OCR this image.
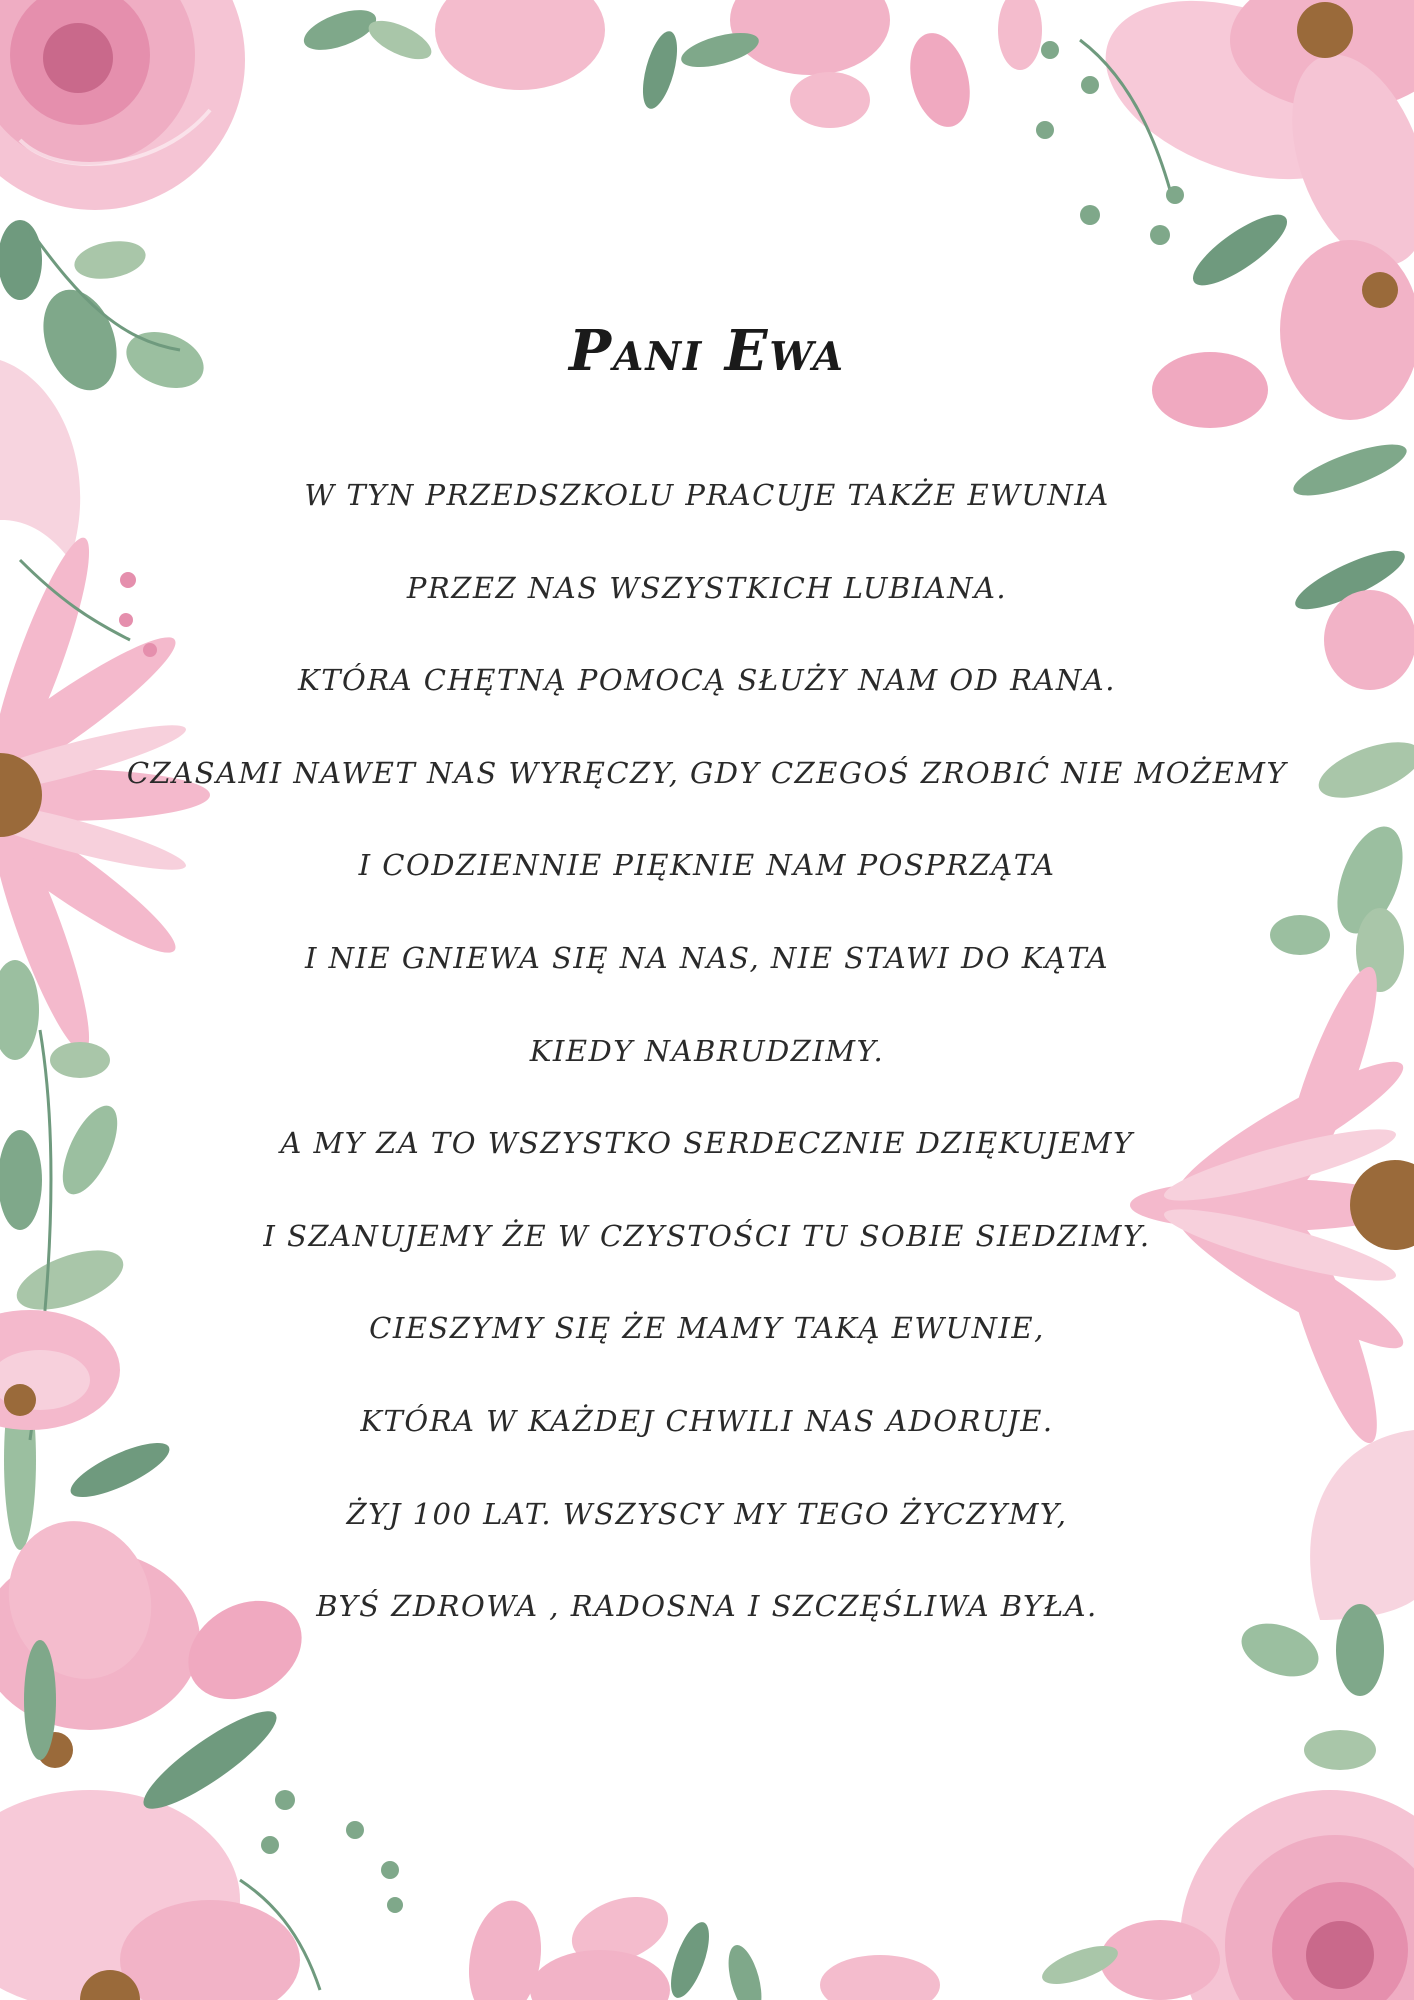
Pani Ewa
W TYN PRZEDSZKOLU PRACUJE TAKŻE EWUNIA
PRZEZ NAS WSZYSTKICH LUBIANA.
KTÓRA CHĘTNĄ POMOCĄ SŁUŻY NAM OD RANA.
CZASAMI NAWET NAS WYRĘCZY, GDY CZEGOŚ ZROBIĆ NIE MOŻEMY
I CODZIENNIE PIĘKNIE NAM POSPRZĄTA
I NIE GNIEWA SIĘ NA NAS, NIE STAWI DO KĄTA
KIEDY NABRUDZIMY.
A MY ZA TO WSZYSTKO SERDECZNIE DZIĘKUJEMY
I SZANUJEMY ŻE W CZYSTOŚCI TU SOBIE SIEDZIMY.
CIESZYMY SIĘ ŻE MAMY TAKĄ EWUNIE,
KTÓRA W KAŻDEJ CHWILI NAS ADORUJE.
ŻYJ 100 LAT. WSZYSCY MY TEGO ŻYCZYMY,
BYŚ ZDROWA , RADOSNA I SZCZĘŚLIWA BYŁA.
